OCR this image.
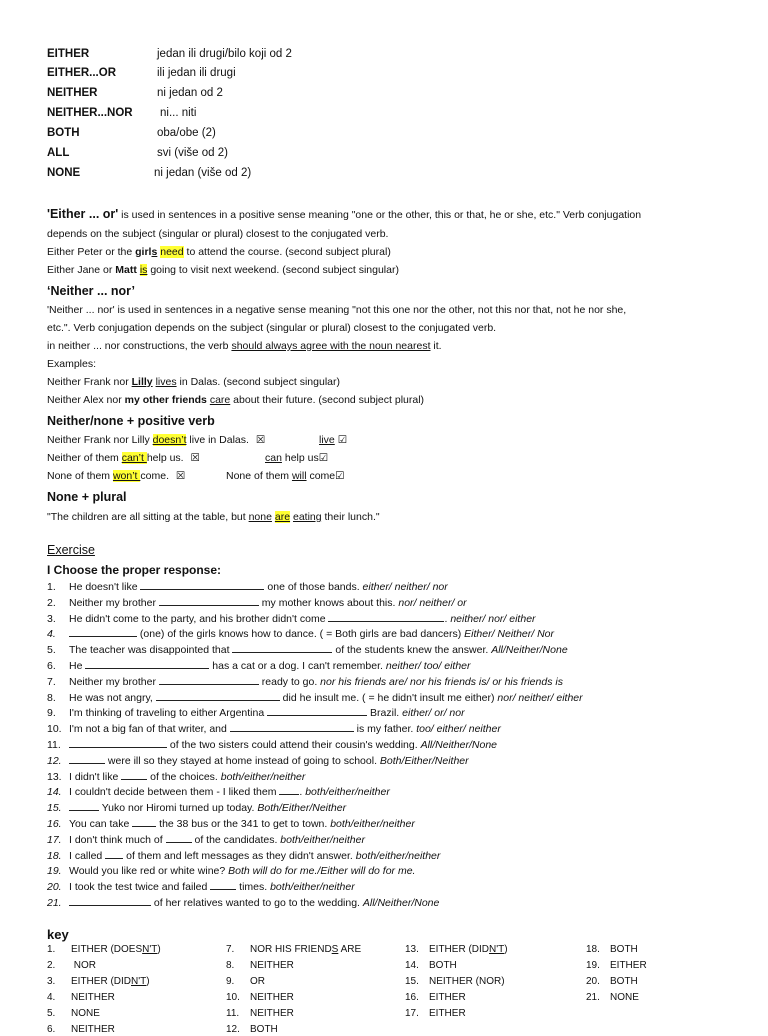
EITHER	jedan ili drugi/bilo koji od 2
EITHER...OR	ili jedan ili drugi
NEITHER	ni jedan od 2
NEITHER...NOR ni... niti
BOTH	oba/obe (2)
ALL	svi (više od 2)
NONE	ni jedan (više od 2)
'Either ... or' is used in sentences in a positive sense meaning "one or the other, this or that, he or she, etc." Verb conjugation
depends on the subject (singular or plural) closest to the conjugated verb.
Either Peter or the girls need to attend the course. (second subject plural)
Either Jane or Matt is going to visit next weekend. (second subject singular)
‘Neither ... nor’
'Neither ... nor' is used in sentences in a negative sense meaning "not this one nor the other, not this nor that, not he nor she,
etc.". Verb conjugation depends on the subject (singular or plural) closest to the conjugated verb.
in neither ... nor constructions, the verb should always agree with the noun nearest it.
Examples:
Neither Frank nor Lilly lives in Dalas. (second subject singular)
Neither Alex nor my other friends care about their future. (second subject plural)
Neither/none + positive verb
Neither Frank nor Lilly doesn’t live in Dalas. ☒	live ☑
Neither of them can’t help us. ☒	can help us☑
None of them won’t come. ☒	None of them will come☑
None + plural
"The children are all sitting at the table, but none are eating their lunch."
Exercise
I Choose the proper response:
1. He doesn't like	one of those bands. either/ neither/ nor
2. Neither my brother	my mother knows about this. nor/ neither/ or
3. He didn't come to the party, and his brother didn't come	. neither/ nor/ either
4.	(one) of the girls knows how to dance. ( = Both girls are bad dancers) Either/ Neither/ Nor
5. The teacher was disappointed that	of the students knew the answer. All/Neither/None
6. He	has a cat or a dog. I can't remember. neither/ too/ either
7. Neither my brother	ready to go. nor his friends are/ nor his friends is/ or his friends is
8. He was not angry,	did he insult me. ( = he didn't insult me either) nor/ neither/ either
9. I'm thinking of traveling to either Argentina	Brazil. either/ or/ nor
10. I'm not a big fan of that writer, and	is my father. too/ either/ neither
11.	of the two sisters could attend their cousin's wedding. All/Neither/None
12.	were ill so they stayed at home instead of going to school. Both/Either/Neither
13. I didn't like  of the choices. both/either/neither
14. I couldn't decide between them - I liked them . both/either/neither
15.	Yuko nor Hiromi turned up today. Both/Either/Neither
16. You can take  the 38 bus or the 341 to get to town. both/either/neither
17. I don't think much of  of the candidates. both/either/neither
18. I called  of them and left messages as they didn't answer. both/either/neither
19. Would you like red or white wine? Both will do for me./Either will do for me.
20. I took the test twice and failed  times. both/either/neither
21.	of her relatives wanted to go to the wedding. All/Neither/None
key
1. EITHER (DOESN'T)
2. NOR
3. EITHER (DIDN'T)
4. NEITHER
5. NONE
6. NEITHER
7. NOR HIS FRIENDS ARE
8. NEITHER
9. OR
10. NEITHER
11. NEITHER
12. BOTH
13. EITHER (DIDN'T)
14. BOTH
15. NEITHER (NOR)
16. EITHER
17. EITHER
18. BOTH
19. EITHER
20. BOTH
21. NONE
